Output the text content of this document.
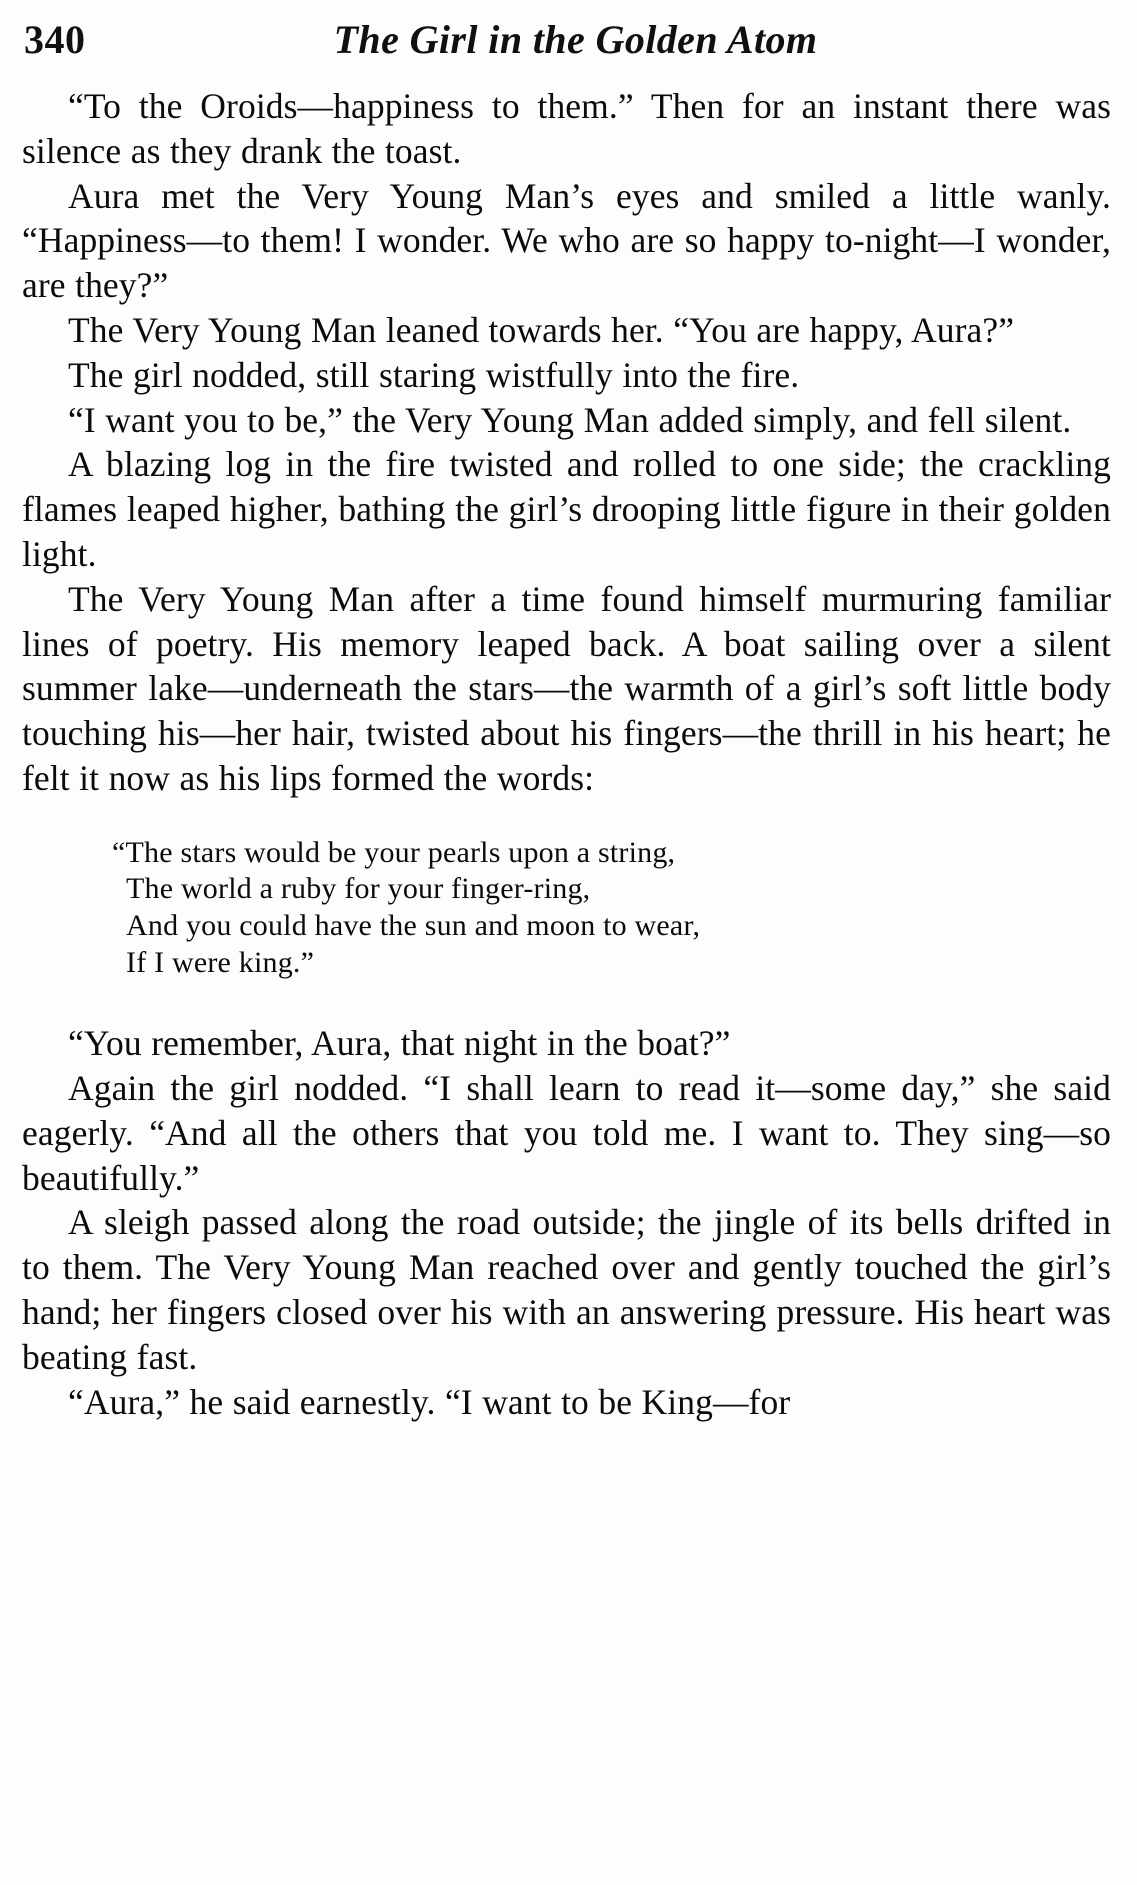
340	The Girl in the Golden Atom

“To the Oroids—happiness to them.” Then for an instant there was silence as they drank the toast.

Aura met the Very Young Man’s eyes and smiled a little wanly. “Happiness—to them! I wonder. We who are so happy to-night—I wonder, are they?”

The Very Young Man leaned towards her. “You are happy, Aura?”

The girl nodded, still staring wistfully into the fire.

“I want you to be,” the Very Young Man added simply, and fell silent.

A blazing log in the fire twisted and rolled to one side; the crackling flames leaped higher, bathing the girl’s drooping little figure in their golden light.

The Very Young Man after a time found himself murmuring familiar lines of poetry. His memory leaped back. A boat sailing over a silent summer lake—underneath the stars—the warmth of a girl’s soft little body touching his—her hair, twisted about his fingers—the thrill in his heart; he felt it now as his lips formed the words:

“The stars would be your pearls upon a string,
The world a ruby for your finger-ring,
And you could have the sun and moon to wear,
If I were king.”

“You remember, Aura, that night in the boat?”

Again the girl nodded. “I shall learn to read it—some day,” she said eagerly. “And all the others that you told me. I want to. They sing—so beautifully.”

A sleigh passed along the road outside; the jingle of its bells drifted in to them. The Very Young Man reached over and gently touched the girl’s hand; her fingers closed over his with an answering pressure. His heart was beating fast.

“Aura,” he said earnestly. “I want to be King—for
